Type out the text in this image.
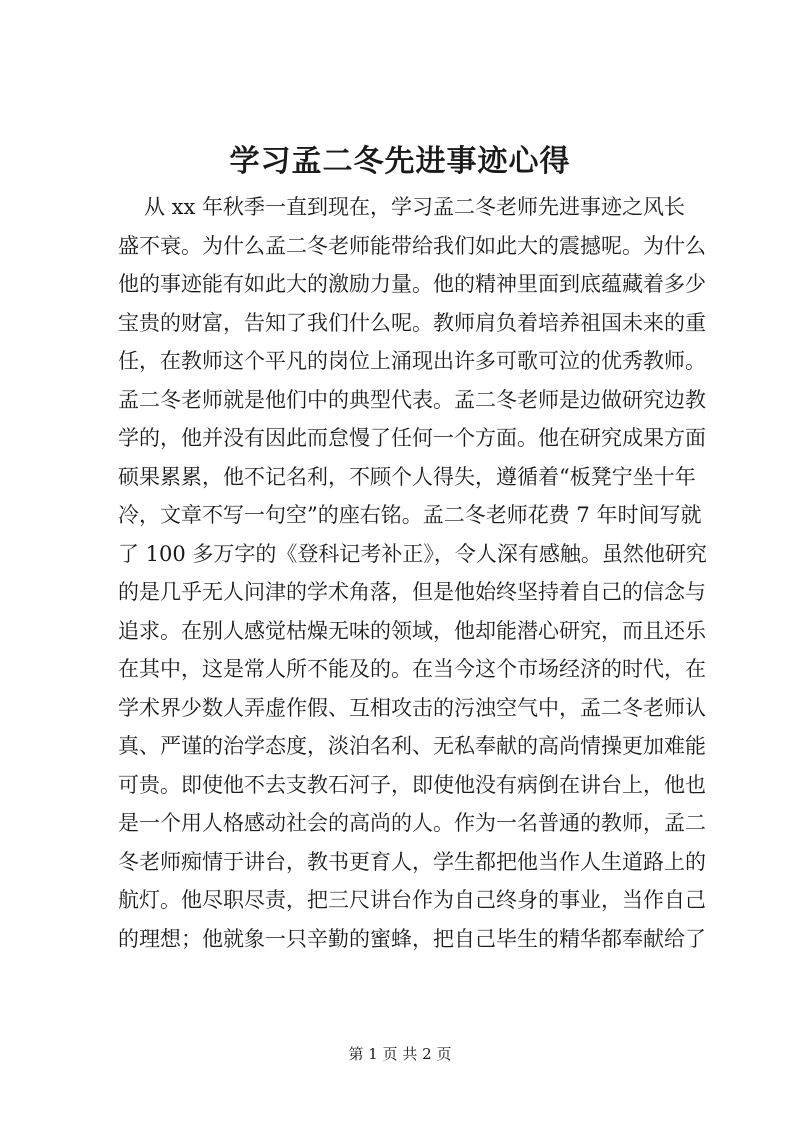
学习孟二冬先进事迹心得
从 xx 年秋季一直到现在，学习孟二冬老师先进事迹之风长
盛不衰。为什么孟二冬老师能带给我们如此大的震撼呢。为什么
他的事迹能有如此大的激励力量。他的精神里面到底蕴藏着多少
宝贵的财富，告知了我们什么呢。教师肩负着培养祖国未来的重
任，在教师这个平凡的岗位上涌现出许多可歌可泣的优秀教师。
孟二冬老师就是他们中的典型代表。孟二冬老师是边做研究边教
学的，他并没有因此而怠慢了任何一个方面。他在研究成果方面
硕果累累，他不记名利，不顾个人得失，遵循着“板凳宁坐十年
冷，文章不写一句空”的座右铭。孟二冬老师花费 7 年时间写就
了 100 多万字的《登科记考补正》，令人深有感触。虽然他研究
的是几乎无人问津的学术角落，但是他始终坚持着自己的信念与
追求。在别人感觉枯燥无味的领域，他却能潜心研究，而且还乐
在其中，这是常人所不能及的。在当今这个市场经济的时代，在
学术界少数人弄虚作假、互相攻击的污浊空气中，孟二冬老师认
真、严谨的治学态度，淡泊名利、无私奉献的高尚情操更加难能
可贵。即使他不去支教石河子，即使他没有病倒在讲台上，他也
是一个用人格感动社会的高尚的人。作为一名普通的教师，孟二
冬老师痴情于讲台，教书更育人，学生都把他当作人生道路上的
航灯。他尽职尽责，把三尺讲台作为自己终身的事业，当作自己
的理想；他就象一只辛勤的蜜蜂，把自己毕生的精华都奉献给了
第 1 页 共 2 页
